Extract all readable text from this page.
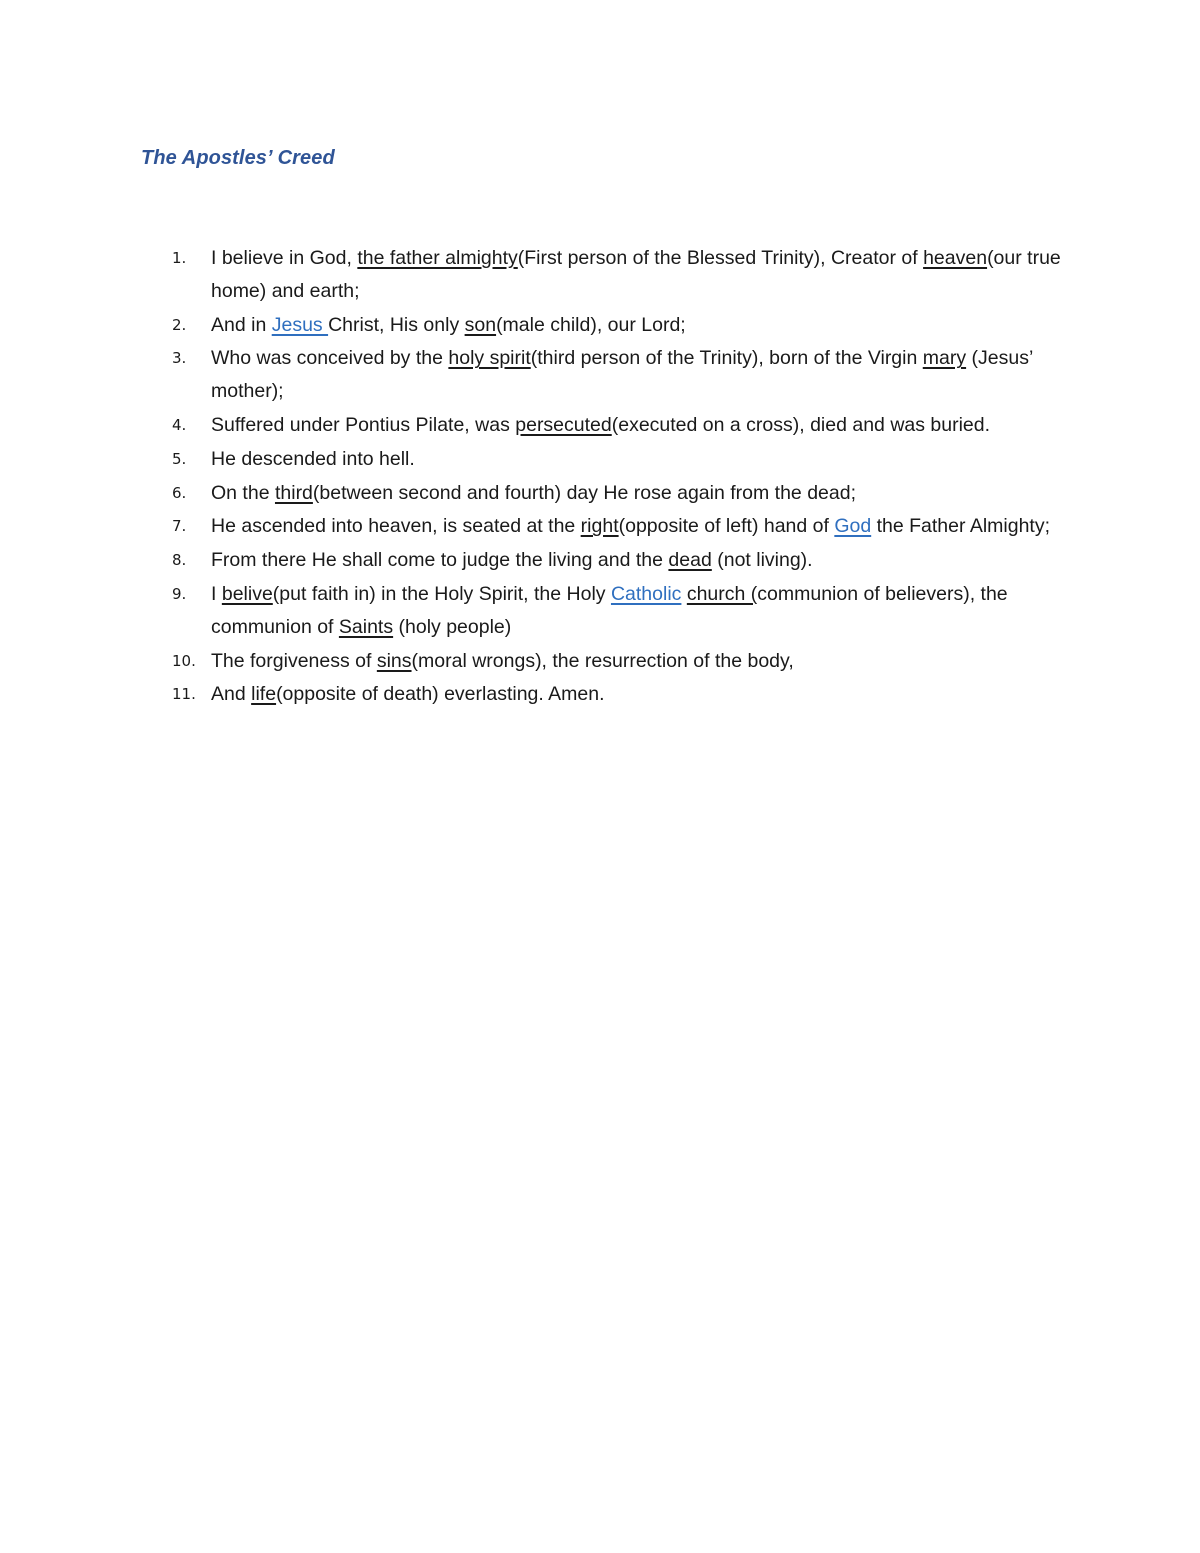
The Apostles’ Creed
1.	I believe in God, the father almighty(First person of the Blessed Trinity), Creator of heaven(our true home) and earth;
2.	And in Jesus Christ, His only son(male child), our Lord;
3.	Who was conceived by the holy spirit(third person of the Trinity), born of the Virgin mary (Jesus’ mother);
4.	Suffered under Pontius Pilate, was persecuted(executed on a cross), died and was buried.
5.	He descended into hell.
6.	On the third(between second and fourth) day He rose again from the dead;
7.	He ascended into heaven, is seated at the right(opposite of left) hand of God the Father Almighty;
8.	From there He shall come to judge the living and the dead (not living).
9.	I belive(put faith in) in the Holy Spirit, the Holy Catholic church (communion of believers), the communion of Saints (holy people)
10. The forgiveness of sins(moral wrongs), the resurrection of the body,
11. And life(opposite of death) everlasting. Amen.
